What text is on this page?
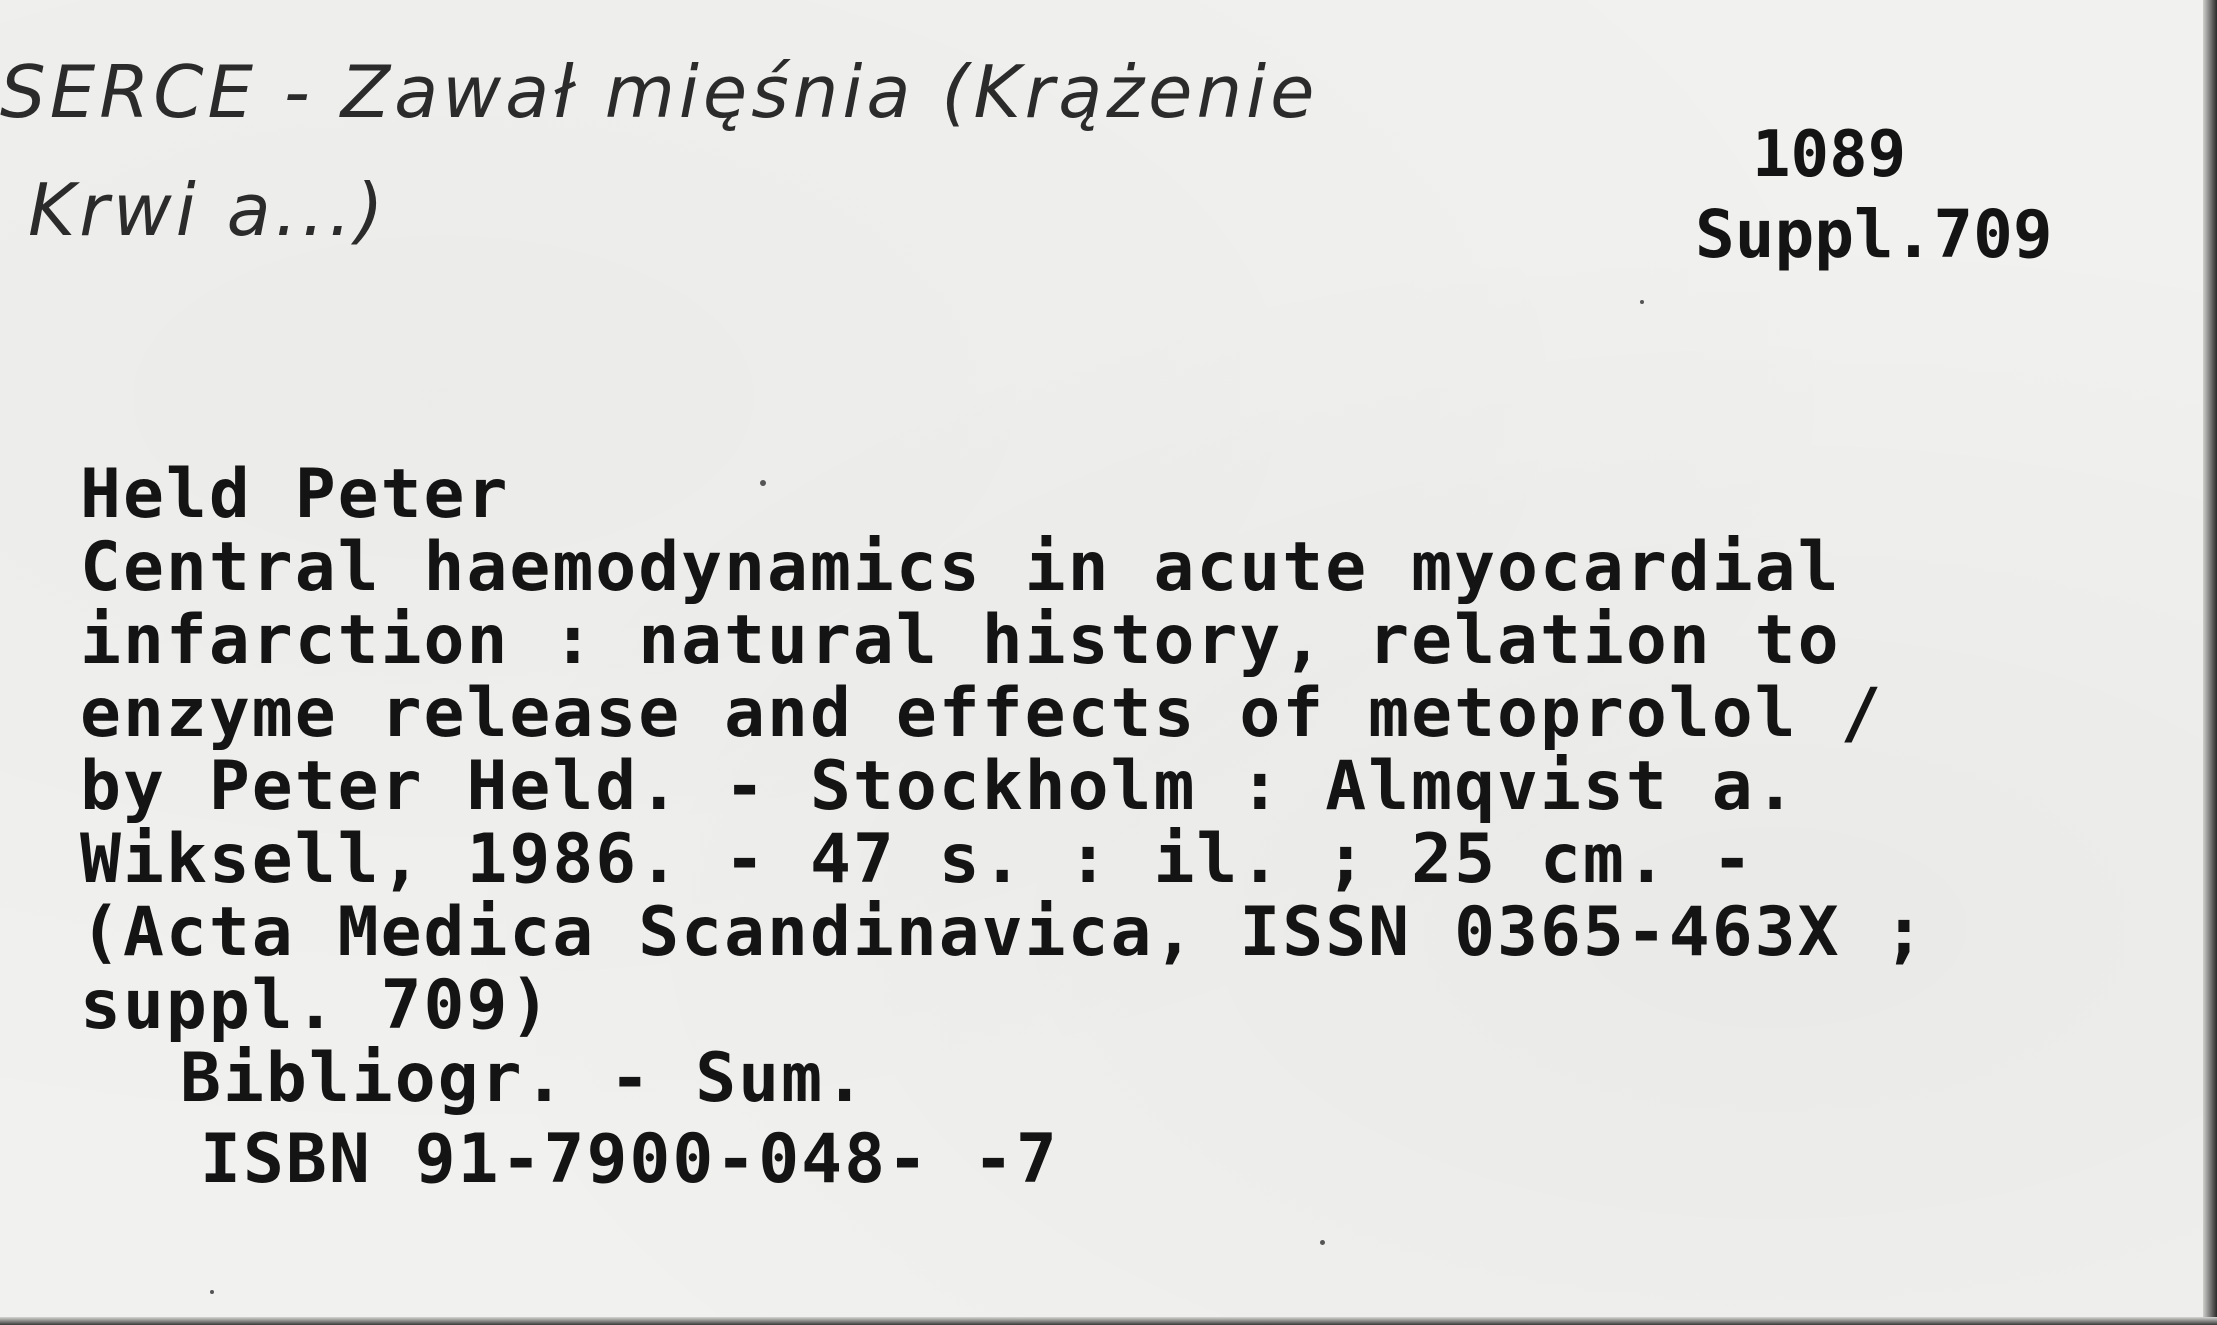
SERCE - Zawał mięśnia (Krążenie
Krwi a...)
1089
Suppl.709
Held Peter
Central haemodynamics in acute myocardial
infarction : natural history, relation to
enzyme release and effects of metoprolol /
by Peter Held. - Stockholm : Almqvist a.
Wiksell, 1986. - 47 s. : il. ; 25 cm. -
(Acta Medica Scandinavica, ISSN 0365-463X ;
suppl. 709)
Bibliogr. - Sum.
ISBN 91-7900-048- -7
